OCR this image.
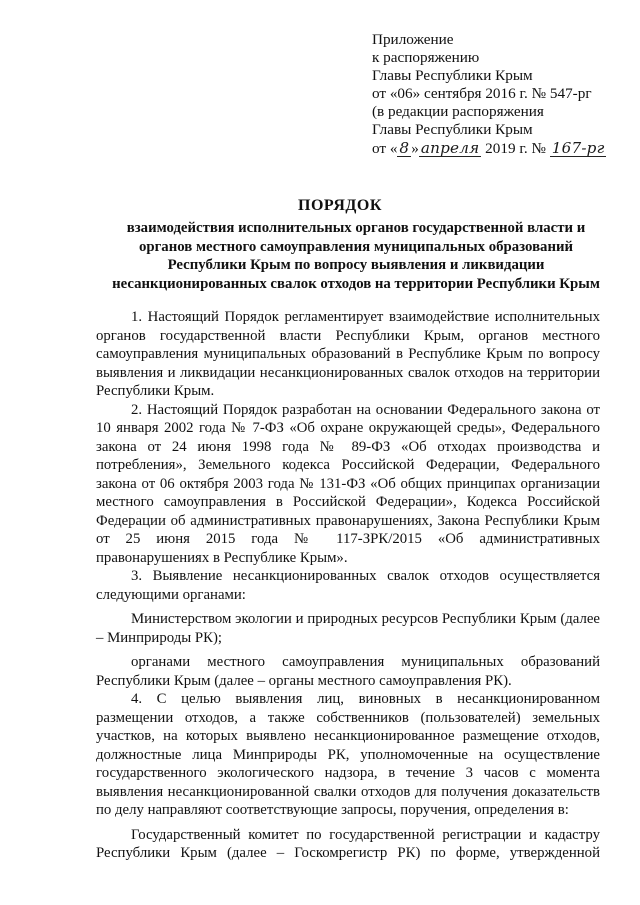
Приложение
к распоряжению
Главы Республики Крым
от «06» сентября 2016 г. № 547-рг
(в редакции распоряжения
Главы Республики Крым
от « 8 » апреля 2019 г. № 167-рг
ПОРЯДОК
взаимодействия исполнительных органов государственной власти и
органов местного самоуправления муниципальных образований
Республики Крым по вопросу выявления и ликвидации
несанкционированных свалок отходов на территории Республики Крым

1. Настоящий Порядок регламентирует взаимодействие исполнительных органов государственной власти Республики Крым, органов местного самоуправления муниципальных образований в Республике Крым по вопросу выявления и ликвидации несанкционированных свалок отходов на территории Республики Крым.

2. Настоящий Порядок разработан на основании Федерального закона от 10 января 2002 года № 7-ФЗ «Об охране окружающей среды», Федерального закона от 24 июня 1998 года № 89-ФЗ «Об отходах производства и потребления», Земельного кодекса Российской Федерации, Федерального закона от 06 октября 2003 года № 131-ФЗ «Об общих принципах организации местного самоуправления в Российской Федерации», Кодекса Российской Федерации об административных правонарушениях, Закона Республики Крым от 25 июня 2015 года № 117-ЗРК/2015 «Об административных правонарушениях в Республике Крым».

3. Выявление несанкционированных свалок отходов осуществляется следующими органами:

Министерством экологии и природных ресурсов Республики Крым (далее – Минприроды РК);

органами местного самоуправления муниципальных образований Республики Крым (далее – органы местного самоуправления РК).

4. С целью выявления лиц, виновных в несанкционированном размещении отходов, а также собственников (пользователей) земельных участков, на которых выявлено несанкционированное размещение отходов, должностные лица Минприроды РК, уполномоченные на осуществление государственного экологического надзора, в течение 3 часов с момента выявления несанкционированной свалки отходов для получения доказательств по делу направляют соответствующие запросы, поручения, определения в:

Государственный комитет по государственной регистрации и кадастру Республики Крым (далее – Госкомрегистр РК) по форме, утвержденной
